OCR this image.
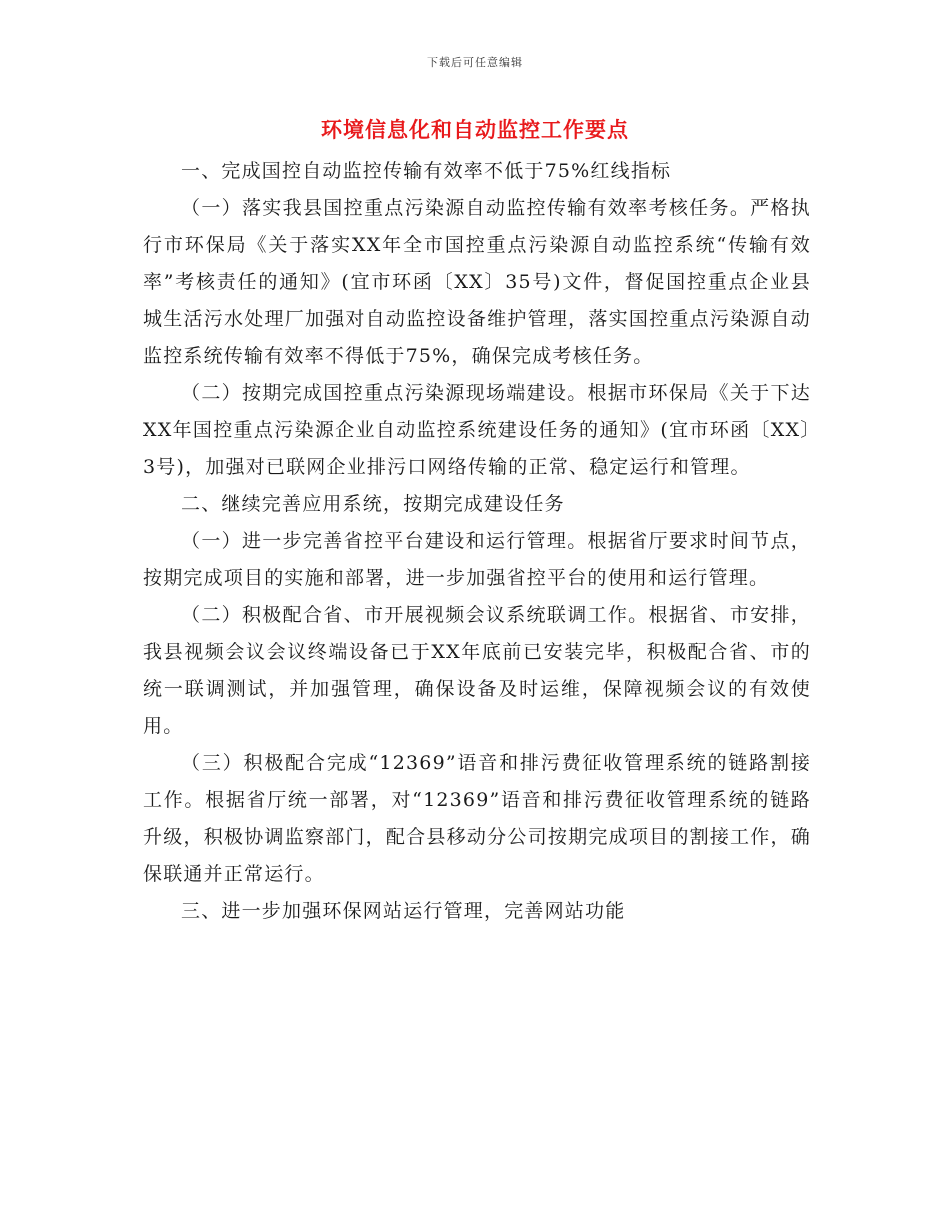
下载后可任意编辑
环境信息化和自动监控工作要点

一、完成国控自动监控传输有效率不低于75%红线指标

（一）落实我县国控重点污染源自动监控传输有效率考核任务。严格执行市环保局《关于落实XX年全市国控重点污染源自动监控系统“传输有效率”考核责任的通知》(宜市环函〔XX〕35号)文件，督促国控重点企业县城生活污水处理厂加强对自动监控设备维护管理，落实国控重点污染源自动监控系统传输有效率不得低于75%，确保完成考核任务。

（二）按期完成国控重点污染源现场端建设。根据市环保局《关于下达XX年国控重点污染源企业自动监控系统建设任务的通知》(宜市环函〔XX〕3号)，加强对已联网企业排污口网络传输的正常、稳定运行和管理。

二、继续完善应用系统，按期完成建设任务

（一）进一步完善省控平台建设和运行管理。根据省厅要求时间节点，按期完成项目的实施和部署，进一步加强省控平台的使用和运行管理。

（二）积极配合省、市开展视频会议系统联调工作。根据省、市安排，我县视频会议会议终端设备已于XX年底前已安装完毕，积极配合省、市的统一联调测试，并加强管理，确保设备及时运维，保障视频会议的有效使用。

（三）积极配合完成“12369”语音和排污费征收管理系统的链路割接工作。根据省厅统一部署，对“12369”语音和排污费征收管理系统的链路升级，积极协调监察部门，配合县移动分公司按期完成项目的割接工作，确保联通并正常运行。

三、进一步加强环保网站运行管理，完善网站功能
